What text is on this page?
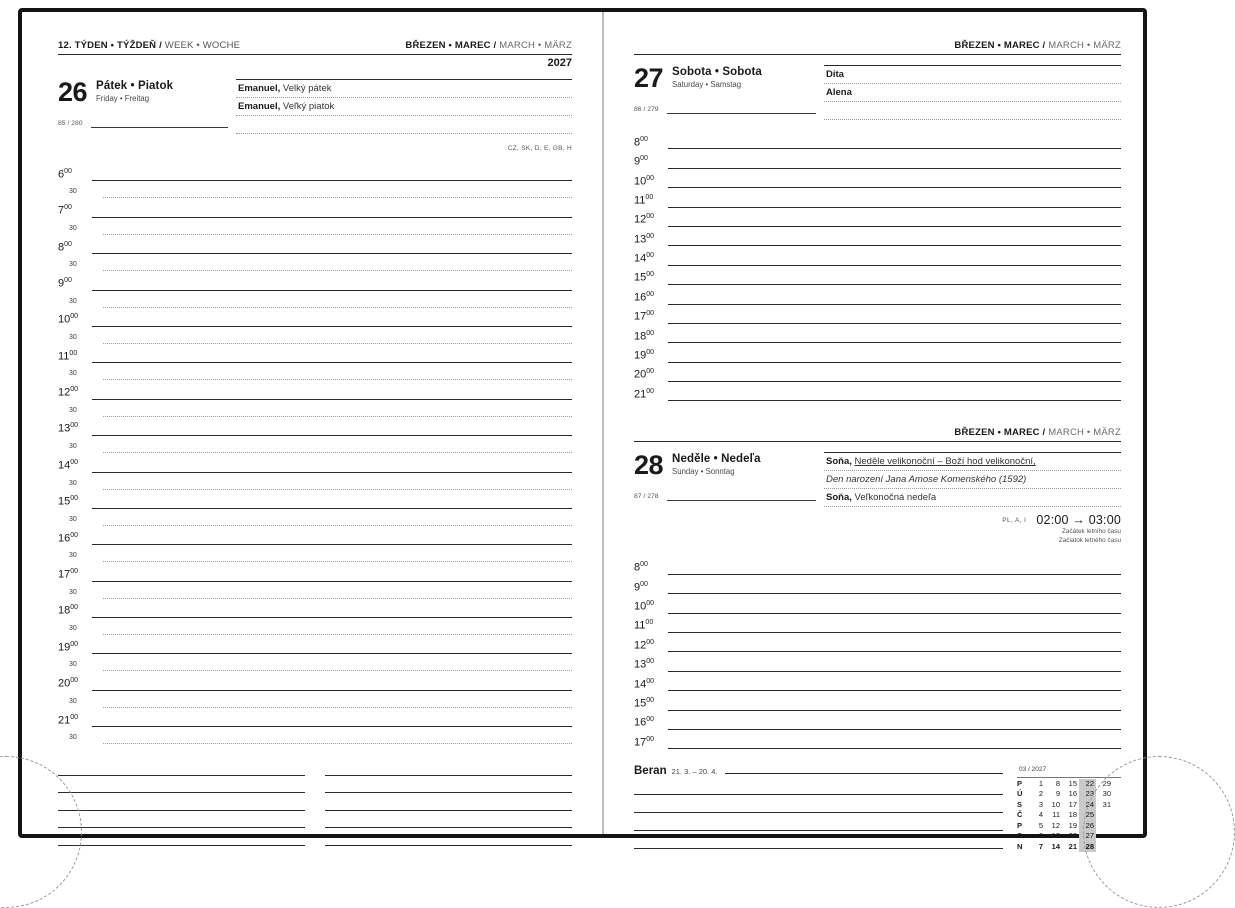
12. TÝDEN • TÝŽDEŇ / WEEK • WOCHE	BŘEZEN • MAREC / MARCH • MÄRZ
2027
26 Pátek • Piatok
Friday • Freitag
85 / 280
Emanuel, Velký pátek
Emanuel, Veľký piatok

CZ, SK, D, E, GB, H
$6^{00}$
30
$7^{00}$
30
$8^{00}$
30
$9^{00}$
30
$10^{00}$
30
$11^{00}$
30
$12^{00}$
30
$13^{00}$
30
$14^{00}$
30
$15^{00}$
30
$16^{00}$
30
$17^{00}$
30
$18^{00}$
30
$19^{00}$
30
$20^{00}$
30
$21^{00}$
30
BŘEZEN • MAREC / MARCH • MÄRZ
27 Sobota • Sobota
Saturday • Samstag
86 / 279
Dita
Alena

$8^{00}$
$9^{00}$
$10^{00}$
$11^{00}$
$12^{00}$
$13^{00}$
$14^{00}$
$15^{00}$
$16^{00}$
$17^{00}$
$18^{00}$
$19^{00}$
$20^{00}$
$21^{00}$
BŘEZEN • MAREC / MARCH • MÄRZ
28 Neděle • Nedeľa
Sunday • Sonntag
87 / 278
Soňa, Neděle velikonoční – Boží hod velikonoční,
Den narození Jana Amose Komenského (1592)
Soňa, Veľkonočná nedeľa
PL, A, I 02:00 → 03:00
Začátek letního času
Začiatok letného času
$8^{00}$
$9^{00}$
$10^{00}$
$11^{00}$
$12^{00}$
$13^{00}$
$14^{00}$
$15^{00}$
$16^{00}$
$17^{00}$
Beran 21. 3. – 20. 4.	03 / 2027
P	1	8	15	22	29
Ú	2	9	16	23	30
S	3	10	17	24	31
Č	4	11	18	25
P	5	12	19	26
S	6	13	20	27
N	7	14	21	28
